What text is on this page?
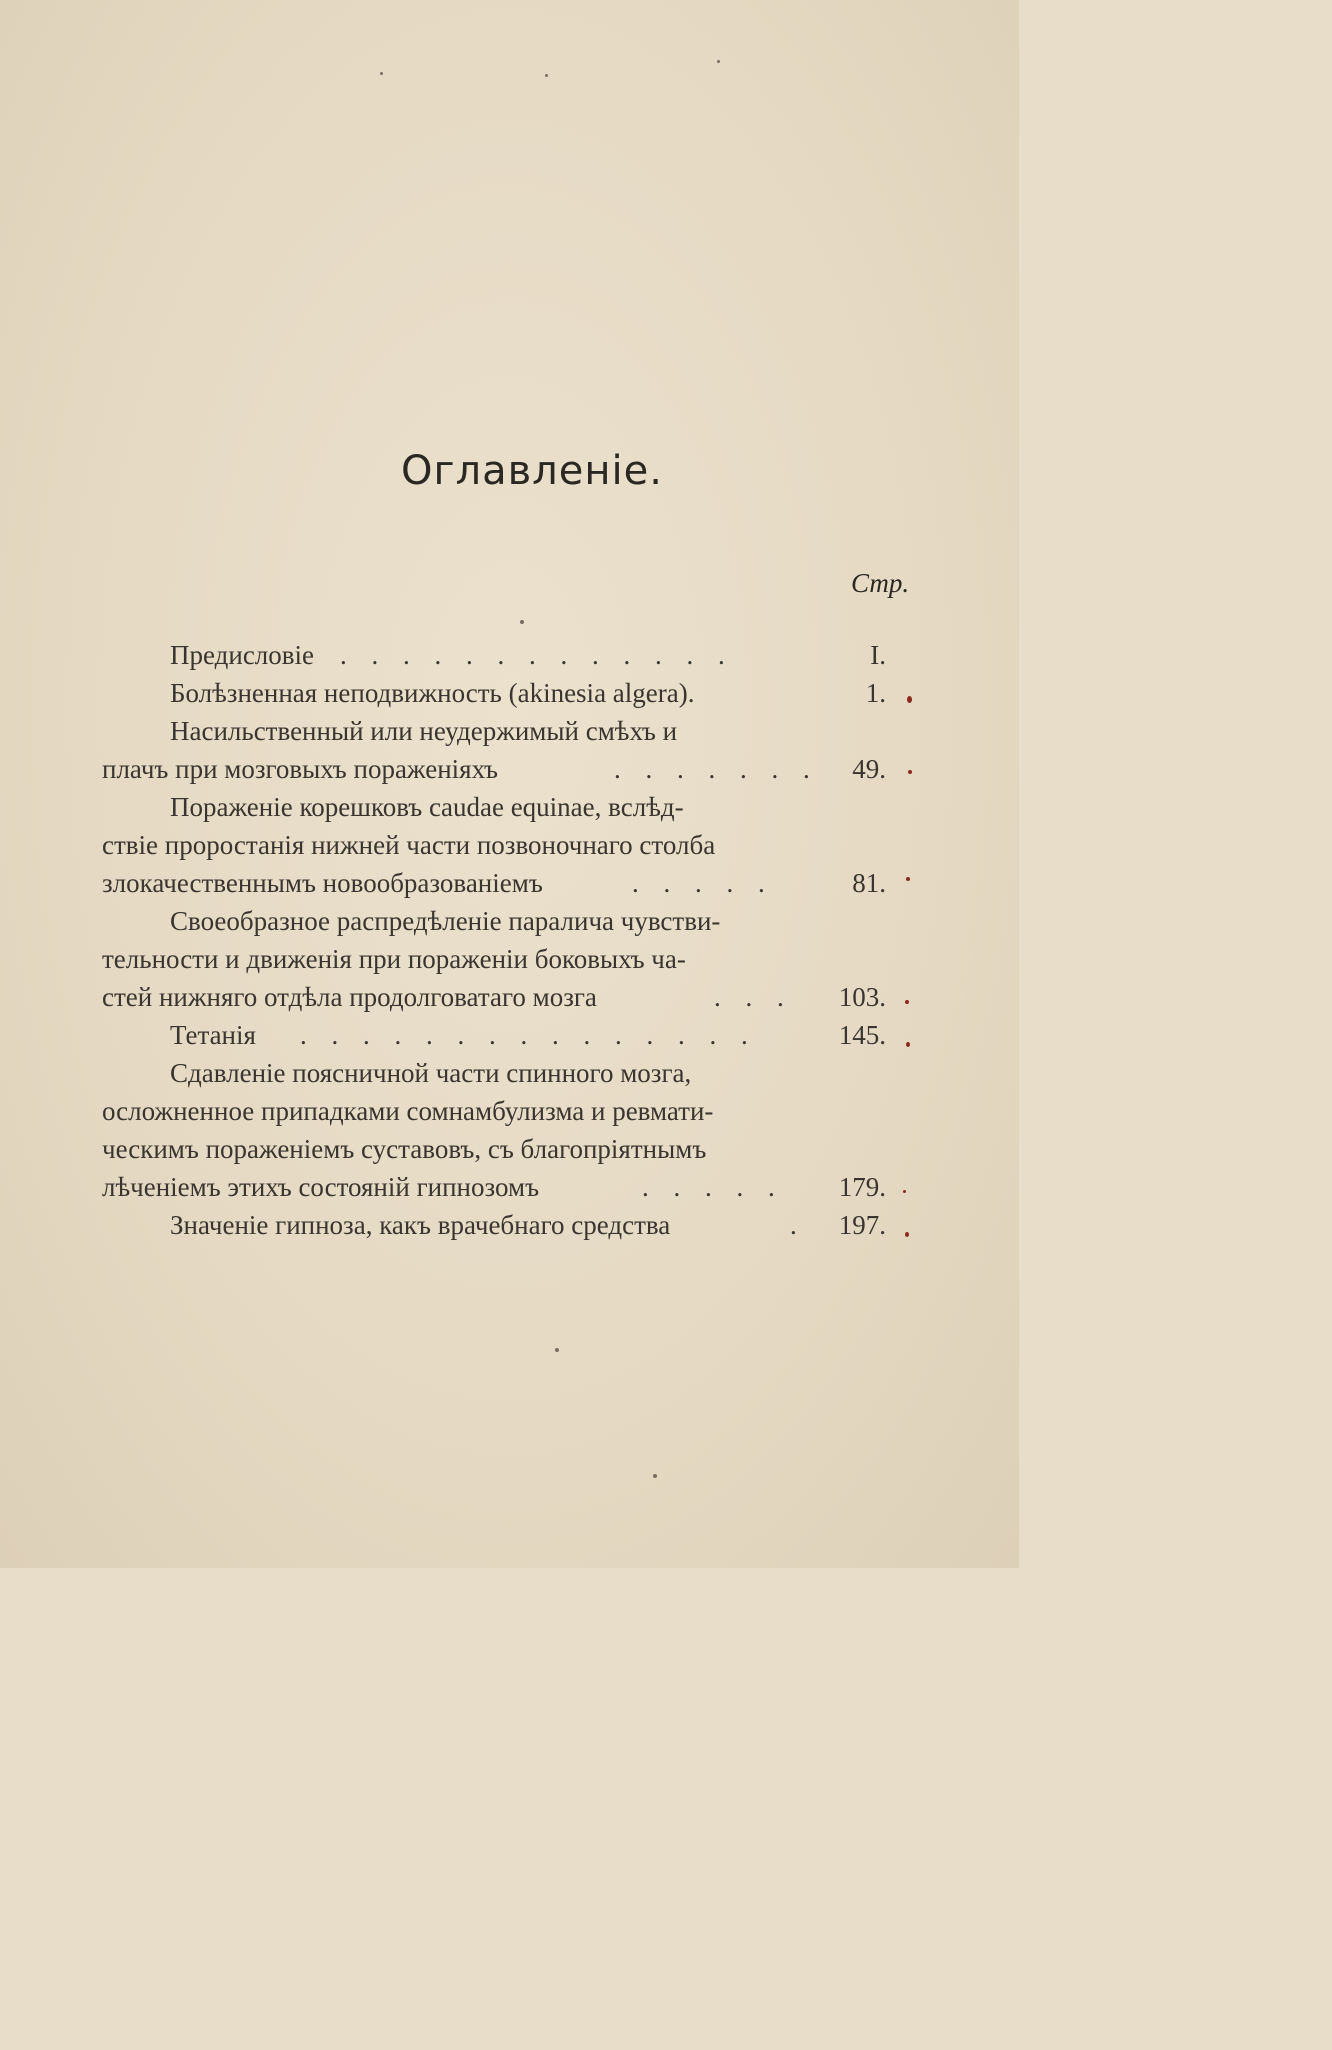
Оглавленіе.
Стр.
Предисловіе . . . . . . . . . . . . .	I.
Болѣзненная неподвижность (akinesia algera).	1.
Насильственный или неудержимый смѣхъ и
плачъ при мозговыхъ пораженіяхъ	. . . . . . . 49.
Пораженіе корешковъ caudae equinae, вслѣд-
ствіе проростанія нижней части позвоночнаго столба
злокачественнымъ новообразованіемъ	. . . . .	81.
Своеобразное распредѣленіе паралича чувстви-
тельности и движенія при пораженіи боковыхъ ча-
стей нижняго отдѣла продолговатаго мозга	. . . 103.
Тетанія . . . . . . . . . . . . . . .	145.
Сдавленіе поясничной части спинного мозга,
осложненное припадками сомнамбулизма и ревмати-
ческимъ пораженіемъ суставовъ, съ благопріятнымъ
лѣченіемъ этихъ состояній гипнозомъ	. . . . . 179.
Значеніе гипноза, какъ врачебнаго средства	. 197.
